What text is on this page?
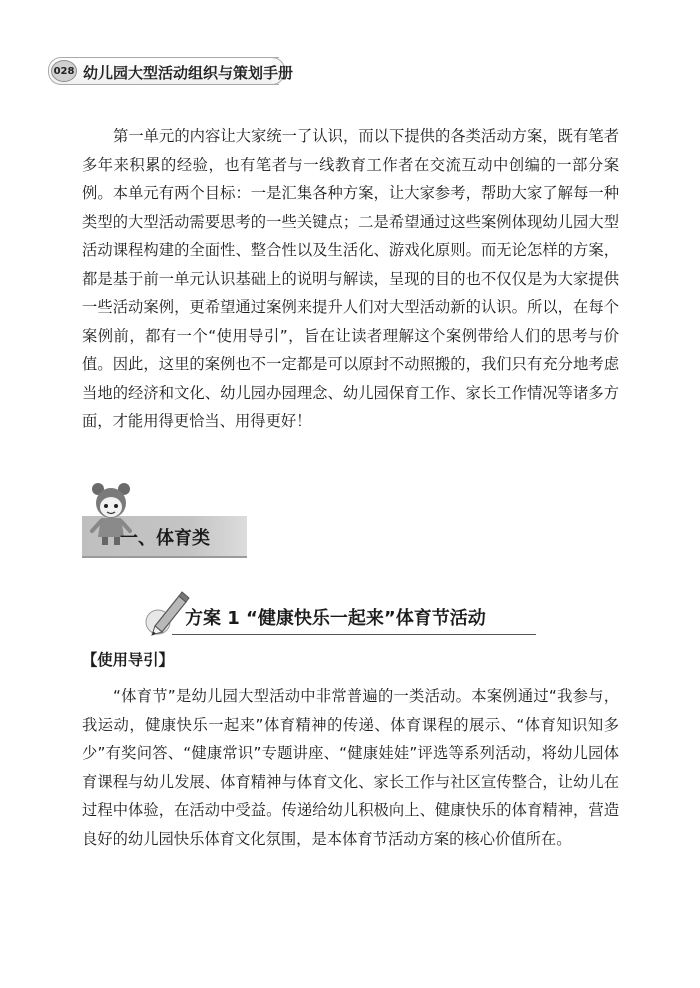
028 幼儿园大型活动组织与策划手册

第一单元的内容让大家统一了认识，而以下提供的各类活动方案，既有笔者多年来积累的经验，也有笔者与一线教育工作者在交流互动中创编的一部分案例。本单元有两个目标：一是汇集各种方案，让大家参考，帮助大家了解每一种类型的大型活动需要思考的一些关键点；二是希望通过这些案例体现幼儿园大型活动课程构建的全面性、整合性以及生活化、游戏化原则。而无论怎样的方案，都是基于前一单元认识基础上的说明与解读，呈现的目的也不仅仅是为大家提供一些活动案例，更希望通过案例来提升人们对大型活动新的认识。所以，在每个案例前，都有一个“使用导引”，旨在让读者理解这个案例带给人们的思考与价值。因此，这里的案例也不一定都是可以原封不动照搬的，我们只有充分地考虑当地的经济和文化、幼儿园办园理念、幼儿园保育工作、家长工作情况等诸多方面，才能用得更恰当、用得更好！

一、体育类
方案 1 “健康快乐一起来”体育节活动
【使用导引】

“体育节”是幼儿园大型活动中非常普遍的一类活动。本案例通过“我参与，我运动，健康快乐一起来”体育精神的传递、体育课程的展示、“体育知识知多少”有奖问答、“健康常识”专题讲座、“健康娃娃”评选等系列活动，将幼儿园体育课程与幼儿发展、体育精神与体育文化、家长工作与社区宣传整合，让幼儿在过程中体验，在活动中受益。传递给幼儿积极向上、健康快乐的体育精神，营造良好的幼儿园快乐体育文化氛围，是本体育节活动方案的核心价值所在。
